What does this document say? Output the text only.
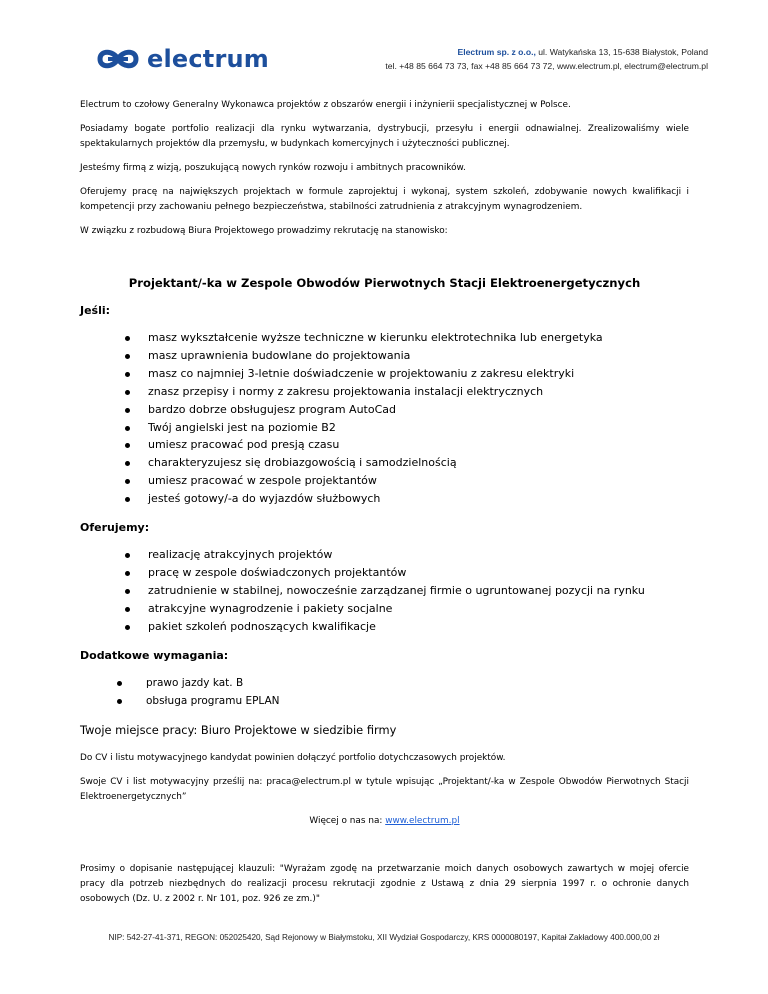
electrum	Electrum sp. z o.o., ul. Watykańska 13, 15-638 Białystok, Poland
tel. +48 85 664 73 73, fax +48 85 664 73 72, www.electrum.pl, electrum@electrum.pl

Electrum to czołowy Generalny Wykonawca projektów z obszarów energii i inżynierii specjalistycznej w Polsce.

Posiadamy bogate portfolio realizacji dla rynku wytwarzania, dystrybucji, przesyłu i energii odnawialnej. Zrealizowaliśmy wiele spektakularnych projektów dla przemysłu, w budynkach komercyjnych i użyteczności publicznej.

Jesteśmy firmą z wizją, poszukującą nowych rynków rozwoju i ambitnych pracowników.

Oferujemy pracę na największych projektach w formule zaprojektuj i wykonaj, system szkoleń, zdobywanie nowych kwalifikacji i kompetencji przy zachowaniu pełnego bezpieczeństwa, stabilności zatrudnienia z atrakcyjnym wynagrodzeniem.

W związku z rozbudową Biura Projektowego prowadzimy rekrutację na stanowisko:

Projektant/-ka w Zespole Obwodów Pierwotnych Stacji Elektroenergetycznych
Jeśli:
masz wykształcenie wyższe techniczne w kierunku elektrotechnika lub energetyka
masz uprawnienia budowlane do projektowania
masz co najmniej 3-letnie doświadczenie w projektowaniu z zakresu elektryki
znasz przepisy i normy z zakresu projektowania instalacji elektrycznych
bardzo dobrze obsługujesz program AutoCad
Twój angielski jest na poziomie B2
umiesz pracować pod presją czasu
charakteryzujesz się drobiazgowością i samodzielnością
umiesz pracować w zespole projektantów
jesteś gotowy/-a do wyjazdów służbowych
Oferujemy:
realizację atrakcyjnych projektów
pracę w zespole doświadczonych projektantów
zatrudnienie w stabilnej, nowocześnie zarządzanej firmie o ugruntowanej pozycji na rynku
atrakcyjne wynagrodzenie i pakiety socjalne
pakiet szkoleń podnoszących kwalifikacje
Dodatkowe wymagania:
prawo jazdy kat. B
obsługa programu EPLAN
Twoje miejsce pracy: Biuro Projektowe w siedzibie firmy

Do CV i listu motywacyjnego kandydat powinien dołączyć portfolio dotychczasowych projektów.

Swoje CV i list motywacyjny prześlij na: praca@electrum.pl w tytule wpisując „Projektant/-ka w Zespole Obwodów Pierwotnych Stacji Elektroenergetycznych”

Więcej o nas na: www.electrum.pl

Prosimy o dopisanie następującej klauzuli: "Wyrażam zgodę na przetwarzanie moich danych osobowych zawartych w mojej ofercie pracy dla potrzeb niezbędnych do realizacji procesu rekrutacji zgodnie z Ustawą z dnia 29 sierpnia 1997 r. o ochronie danych osobowych (Dz. U. z 2002 r. Nr 101, poz. 926 ze zm.)"

NIP: 542-27-41-371, REGON: 052025420, Sąd Rejonowy w Białymstoku, XII Wydział Gospodarczy, KRS 0000080197, Kapitał Zakładowy 400.000,00 zł
